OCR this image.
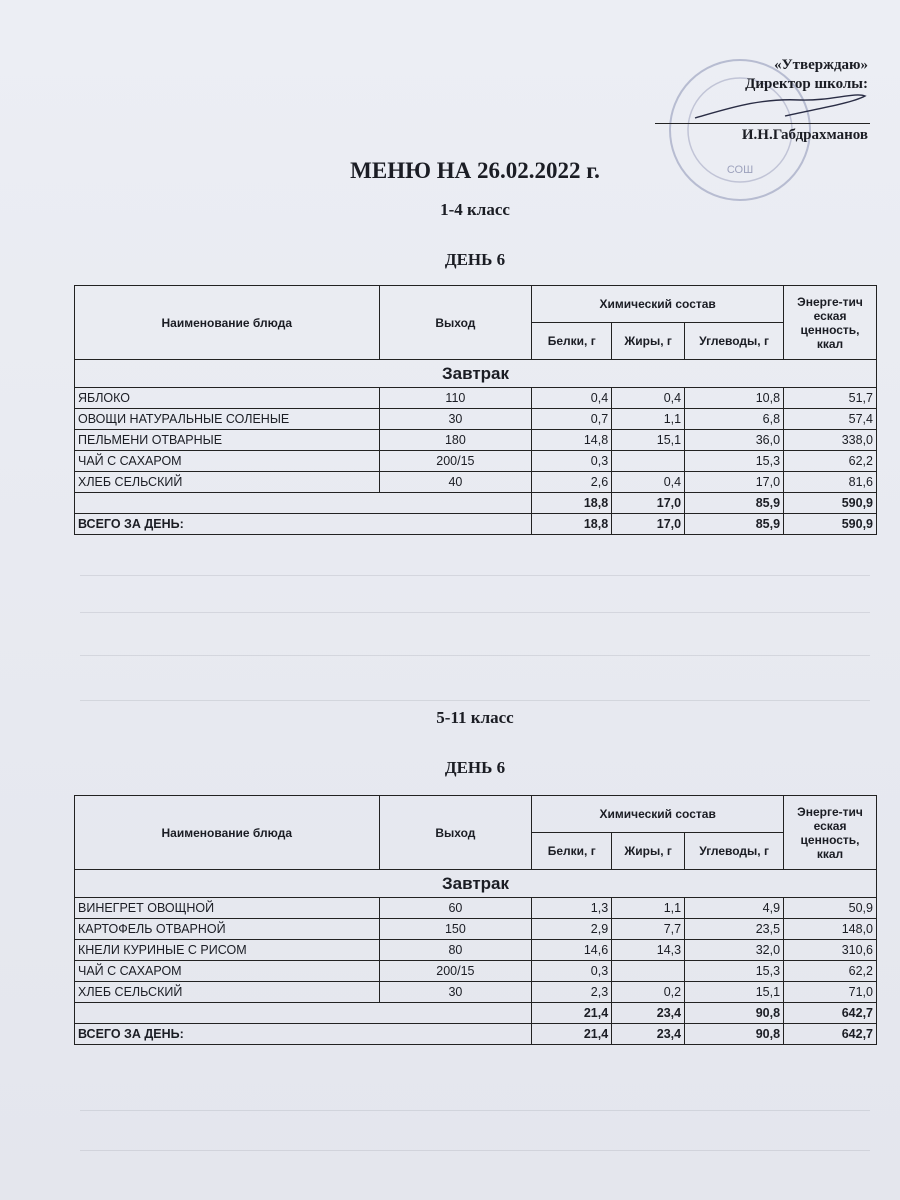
СОШ
«Утверждаю»
Директор школы:
И.Н.Габдрахманов
МЕНЮ НА 26.02.2022 г.
1-4 класс
ДЕНЬ 6
Наименование блюда	Выход	Химический состав			Энерге-тич еская ценность, ккал
		Белки, г	Жиры, г	Углеводы, г	
Завтрак					
ЯБЛОКО	110	0,4	0,4	10,8	51,7
ОВОЩИ НАТУРАЛЬНЫЕ СОЛЕНЫЕ	30	0,7	1,1	6,8	57,4
ПЕЛЬМЕНИ ОТВАРНЫЕ	180	14,8	15,1	36,0	338,0
ЧАЙ С САХАРОМ	200/15	0,3		15,3	62,2
ХЛЕБ СЕЛЬСКИЙ	40	2,6	0,4	17,0	81,6
		18,8	17,0	85,9	590,9
ВСЕГО ЗА ДЕНЬ:		18,8	17,0	85,9	590,9
5-11 класс
ДЕНЬ 6
Наименование блюда	Выход	Химический состав			Энерге-тич еская ценность, ккал
		Белки, г	Жиры, г	Углеводы, г	
Завтрак					
ВИНЕГРЕТ ОВОЩНОЙ	60	1,3	1,1	4,9	50,9
КАРТОФЕЛЬ ОТВАРНОЙ	150	2,9	7,7	23,5	148,0
КНЕЛИ КУРИНЫЕ С РИСОМ	80	14,6	14,3	32,0	310,6
ЧАЙ С САХАРОМ	200/15	0,3		15,3	62,2
ХЛЕБ СЕЛЬСКИЙ	30	2,3	0,2	15,1	71,0
		21,4	23,4	90,8	642,7
ВСЕГО ЗА ДЕНЬ:		21,4	23,4	90,8	642,7
